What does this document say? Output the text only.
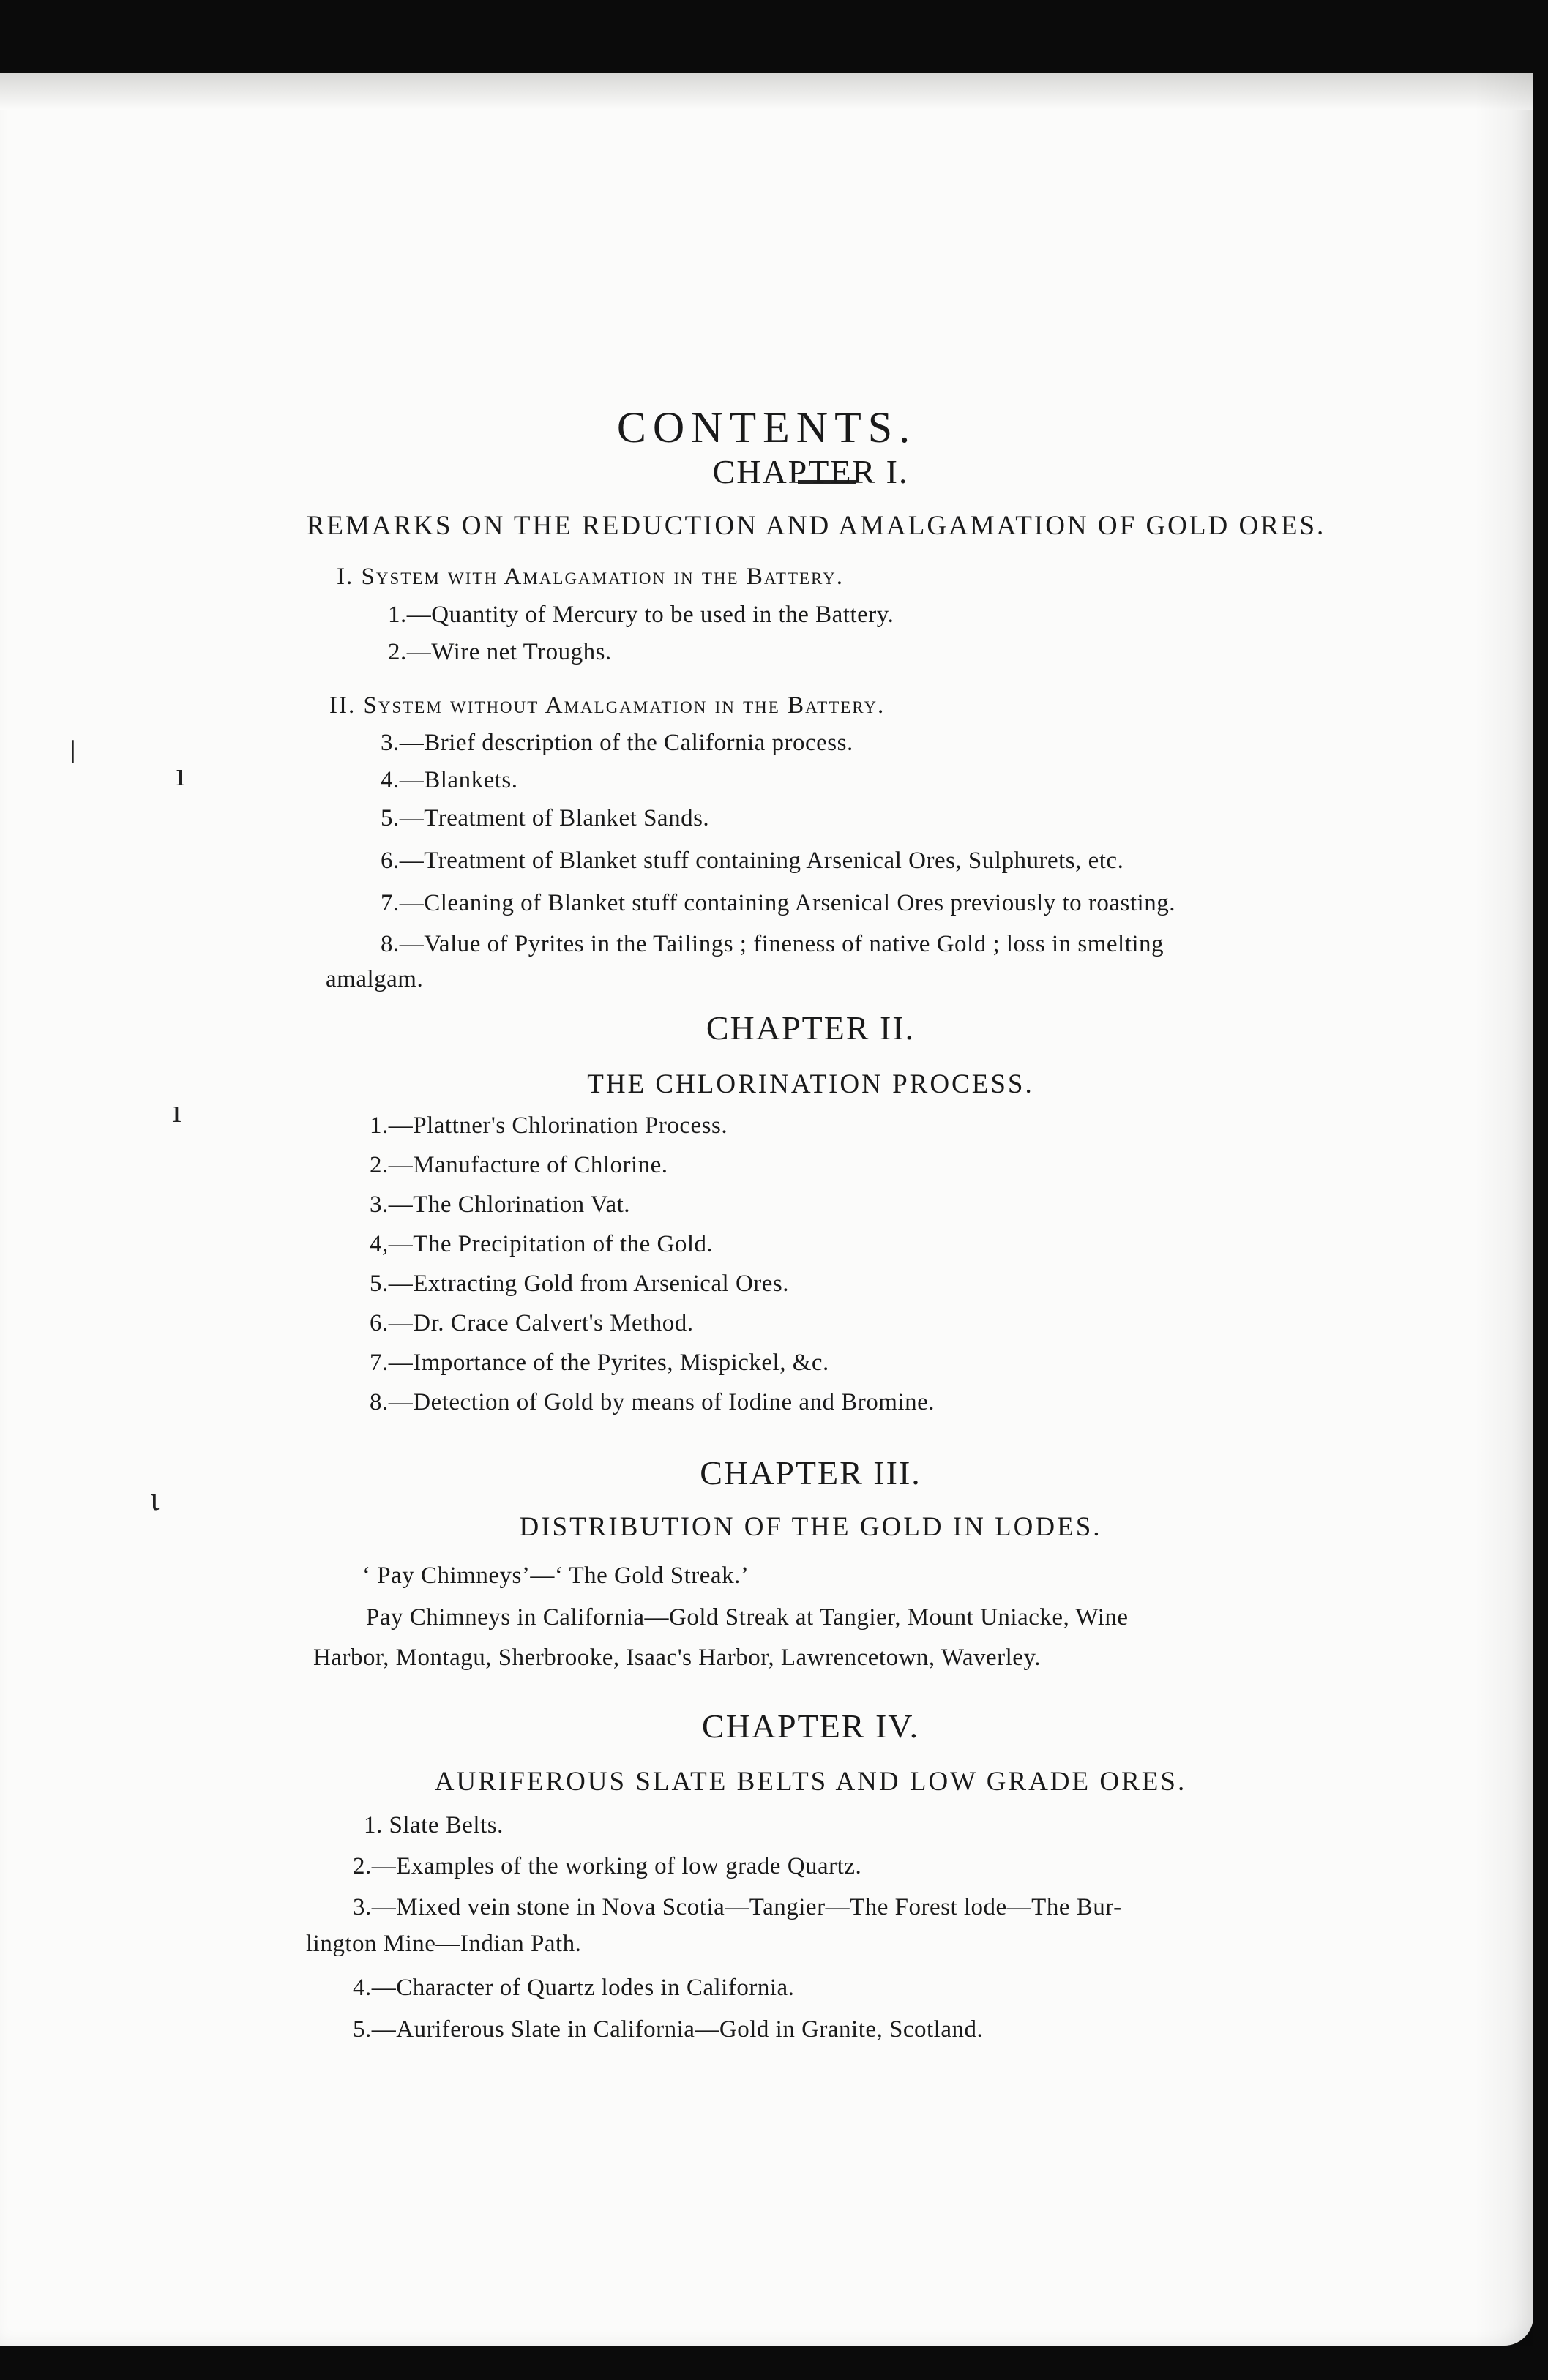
ǀ
ı
ı
ɩ
CONTENTS.
CHAPTER I.
REMARKS ON THE REDUCTION AND AMALGAMATION OF GOLD ORES.
I. System with Amalgamation in the Battery.
1.—Quantity of Mercury to be used in the Battery.
2.—Wire net Troughs.
II. System without Amalgamation in the Battery.
3.—Brief description of the California process.
4.—Blankets.
5.—Treatment of Blanket Sands.
6.—Treatment of Blanket stuff containing Arsenical Ores, Sulphurets, etc.
7.—Cleaning of Blanket stuff containing Arsenical Ores previously to roasting.
8.—Value of Pyrites in the Tailings ; fineness of native Gold ; loss in smelting
amalgam.
CHAPTER II.
THE CHLORINATION PROCESS.
1.—Plattner's Chlorination Process.
2.—Manufacture of Chlorine.
3.—The Chlorination Vat.
4,—The Precipitation of the Gold.
5.—Extracting Gold from Arsenical Ores.
6.—Dr. Crace Calvert's Method.
7.—Importance of the Pyrites, Mispickel, &c.
8.—Detection of Gold by means of Iodine and Bromine.
CHAPTER III.
DISTRIBUTION OF THE GOLD IN LODES.
‘ Pay Chimneys’—‘ The Gold Streak.’
Pay Chimneys in California—Gold Streak at Tangier, Mount Uniacke, Wine
Harbor, Montagu, Sherbrooke, Isaac's Harbor, Lawrencetown, Waverley.
CHAPTER IV.
AURIFEROUS SLATE BELTS AND LOW GRADE ORES.
1. Slate Belts.
2.—Examples of the working of low grade Quartz.
3.—Mixed vein stone in Nova Scotia—Tangier—The Forest lode—The Bur-
lington Mine—Indian Path.
4.—Character of Quartz lodes in California.
5.—Auriferous Slate in California—Gold in Granite, Scotland.
